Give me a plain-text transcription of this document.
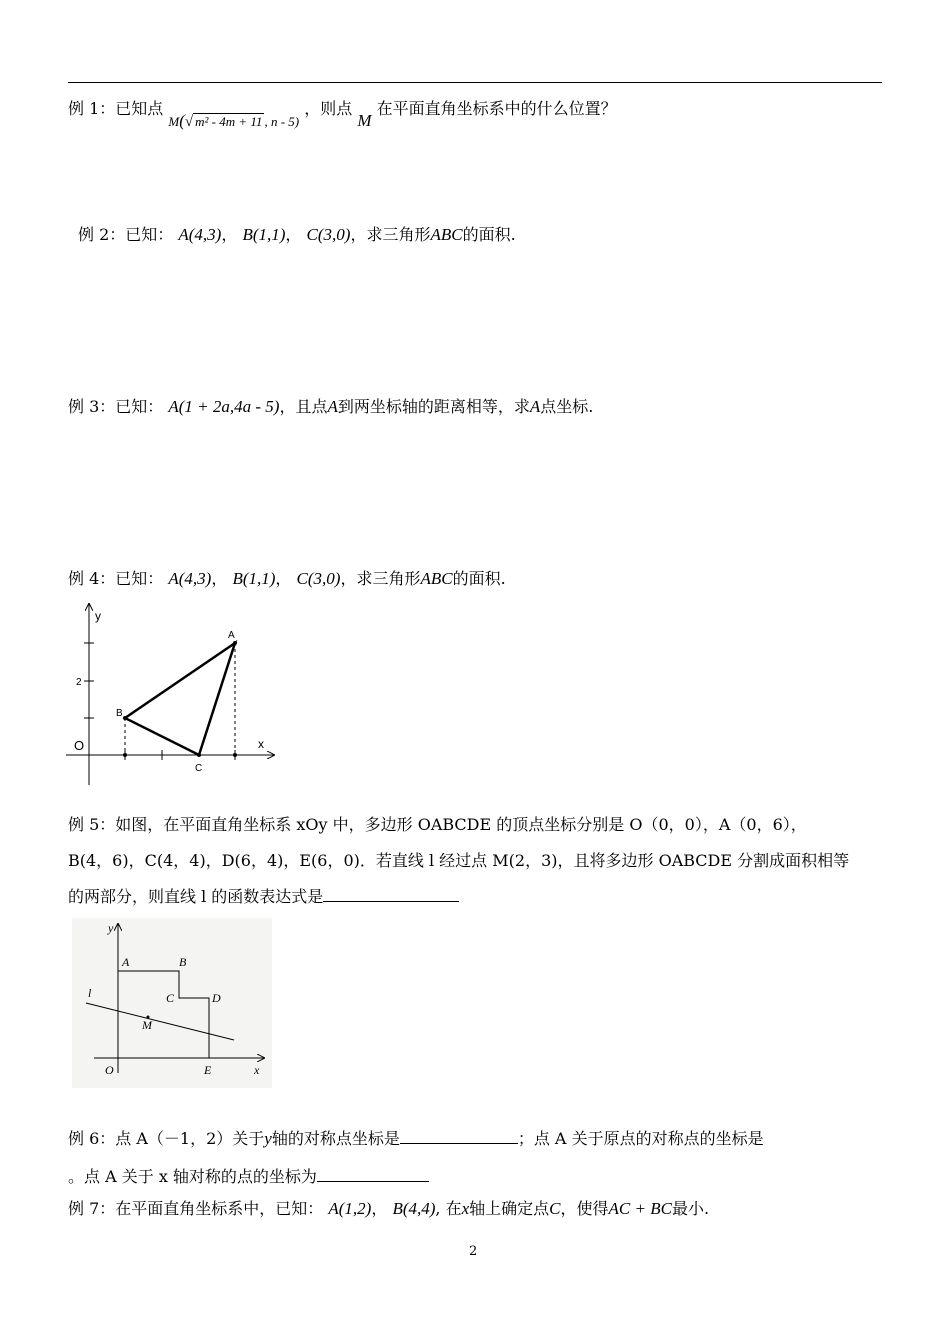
例 1：已知点 $_{M(√ m^2 - 4m + 11 , n - 5)}$ ，则点 M 在平面直角坐标系中的什么位置？
例 2：已知： A(4,3)， B(1,1)， C(3,0)，求三角形ABC的面积.
例 3：已知： A(1 + 2a,4a - 5)，且点A到两坐标轴的距离相等，求A点坐标.
例 4：已知： A(4,3)， B(1,1)， C(3,0)，求三角形ABC的面积.
y
x
O
2
A
B
C
例 5：如图，在平面直角坐标系 xOy 中，多边形 OABCDE 的顶点坐标分别是 O（0，0），A（0，6），
B(4，6)，C(4，4)，D(6，4)，E(6，0)．若直线 l 经过点 M(2，3)，且将多边形 OABCDE 分割成面积相等
的两部分，则直线 l 的函数表达式是
y
x
O
A	B
C	D
E
l
M
例 6：点 A（－1，2）关于y轴的对称点坐标是	；点 A 关于原点的对称点的坐标是
。点 A 关于 x 轴对称的点的坐标为
例 7：在平面直角坐标系中，已知： A(1,2)， B(4,4), 在x轴上确定点C，使得AC + BC最小.
2
